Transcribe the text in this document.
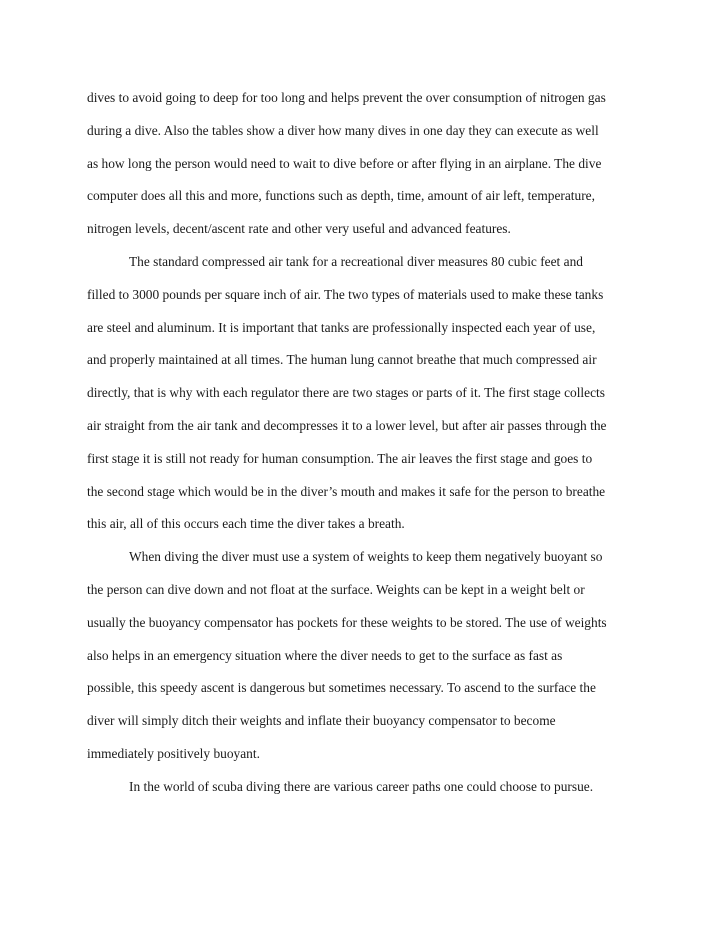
dives to avoid going to deep for too long and helps prevent the over consumption of nitrogen gas
during a dive. Also the tables show a diver how many dives in one day they can execute as well
as how long the person would need to wait to dive before or after flying in an airplane. The dive
computer does all this and more, functions such as depth, time, amount of air left, temperature,
nitrogen levels, decent/ascent rate and other very useful and advanced features.
The standard compressed air tank for a recreational diver measures 80 cubic feet and
filled to 3000 pounds per square inch of air. The two types of materials used to make these tanks
are steel and aluminum. It is important that tanks are professionally inspected each year of use,
and properly maintained at all times. The human lung cannot breathe that much compressed air
directly, that is why with each regulator there are two stages or parts of it. The first stage collects
air straight from the air tank and decompresses it to a lower level, but after air passes through the
first stage it is still not ready for human consumption. The air leaves the first stage and goes to
the second stage which would be in the diver’s mouth and makes it safe for the person to breathe
this air, all of this occurs each time the diver takes a breath.
When diving the diver must use a system of weights to keep them negatively buoyant so
the person can dive down and not float at the surface. Weights can be kept in a weight belt or
usually the buoyancy compensator has pockets for these weights to be stored. The use of weights
also helps in an emergency situation where the diver needs to get to the surface as fast as
possible, this speedy ascent is dangerous but sometimes necessary. To ascend to the surface the
diver will simply ditch their weights and inflate their buoyancy compensator to become
immediately positively buoyant.
In the world of scuba diving there are various career paths one could choose to pursue.
